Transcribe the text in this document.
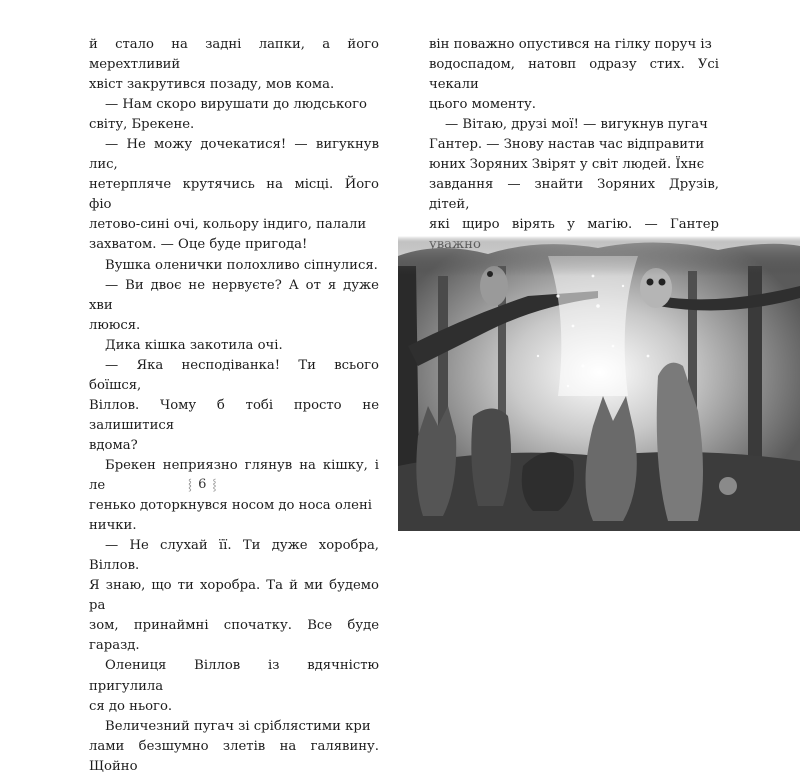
й стало на задні лапки, а його мерехтливий

хвіст закрутився позаду, мов кома.

— Нам скоро вирушати до людського

світу, Брекене.

— Не можу дочекатися! — вигукнув лис,

нетерпляче крутячись на місці. Його фіо

летово-сині очі, кольору індиго, палали

захватом. — Оце буде пригода!

Вушка оленички полохливо сіпнулися.

— Ви двоє не нервуєте? А от я дуже хви

лююся.

Дика кішка закотила очі.

— Яка несподіванка! Ти всього боїшся,

Віллов. Чому б тобі просто не залишитися

вдома?

Брекен неприязно глянув на кішку, і ле

генько доторкнувся носом до носа олені

нички.

— Не слухай її. Ти дуже хоробра, Віллов.

Я знаю, що ти хоробра. Та й ми будемо ра

зом, принаймні спочатку. Все буде гаразд.

Олениця Віллов із вдячністю пригулила

ся до нього.

Величезний пугач зі сріблястими кри

лами безшумно злетів на галявину. Щойно

він поважно опустився на гілку поруч із

водоспадом, натовп одразу стих. Усі чекали

цього моменту.

— Вітаю, друзі мої! — вигукнув пугач

Гантер. — Знову настав час відправити

юних Зоряних Звірят у світ людей. Їхнє

завдання — знайти Зоряних Друзів, дітей,

які щиро вірять у магію. — Гантер

⸾ 6 ⸾
